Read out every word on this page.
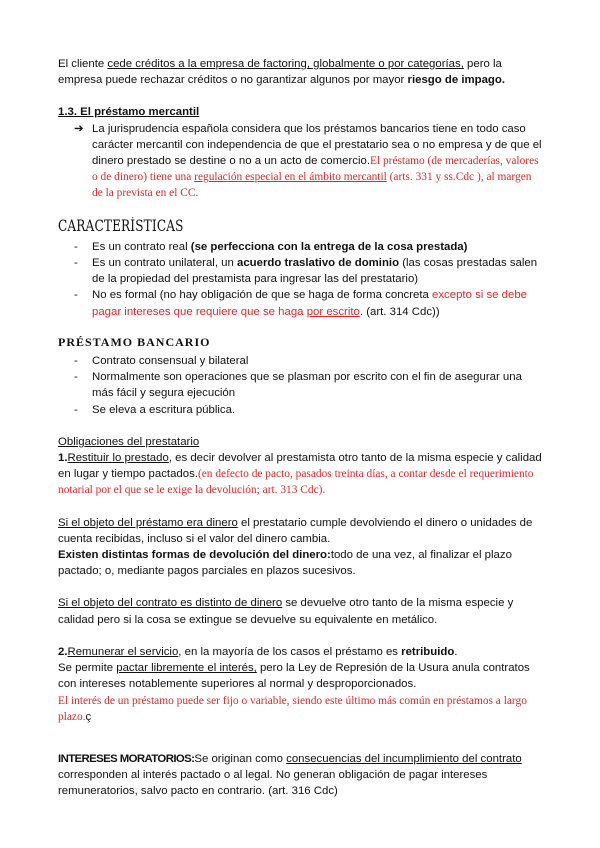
El cliente cede créditos a la empresa de factoring, globalmente o por categorías, pero la empresa puede rechazar créditos o no garantizar algunos por mayor riesgo de impago.

1.3. El préstamo mercantil

➔ La jurisprudencia española considera que los préstamos bancarios tiene en todo caso carácter mercantil con independencia de que el prestatario sea o no empresa y de que el dinero prestado se destine o no a un acto de comercio.El préstamo (de mercaderías, valores o de dinero) tiene una regulación especial en el ámbito mercantil (arts. 331 y ss.Cdc ), al margen de la prevista en el CC.
CARACTERÍSTICAS
- Es un contrato real (se perfecciona con la entrega de la cosa prestada)
- Es un contrato unilateral, un acuerdo traslativo de dominio (las cosas prestadas salen de la propiedad del prestamista para ingresar las del prestatario)
- No es formal (no hay obligación de que se haga de forma concreta excepto si se debe pagar intereses que requiere que se haga por escrito. (art. 314 Cdc))
PRÉSTAMO BANCARIO
- Contrato consensual y bilateral
- Normalmente son operaciones que se plasman por escrito con el fin de asegurar una más fácil y segura ejecución
- Se eleva a escritura pública.

Obligaciones del prestatario

1.Restituir lo prestado, es decir devolver al prestamista otro tanto de la misma especie y calidad en lugar y tiempo pactados.(en defecto de pacto, pasados treinta días, a contar desde el requerimiento notarial por el que se le exige la devolución; art. 313 Cdc).

Si el objeto del préstamo era dinero el prestatario cumple devolviendo el dinero o unidades de cuenta recibidas, incluso si el valor del dinero cambia.

Existen distintas formas de devolución del dinero:todo de una vez, al finalizar el plazo pactado; o, mediante pagos parciales en plazos sucesivos.

Si el objeto del contrato es distinto de dinero se devuelve otro tanto de la misma especie y calidad pero si la cosa se extingue se devuelve su equivalente en metálico.

2.Remunerar el servicio, en la mayoría de los casos el préstamo es retribuido.

Se permite pactar libremente el interés, pero la Ley de Represión de la Usura anula contratos con intereses notablemente superiores al normal y desproporcionados.

El interés de un préstamo puede ser fijo o variable, siendo este último más común en préstamos a largo plazo.ç

INTERESES MORATORIOS:Se originan como consecuencias del incumplimiento del contrato corresponden al interés pactado o al legal. No generan obligación de pagar intereses remuneratorios, salvo pacto en contrario. (art. 316 Cdc)
